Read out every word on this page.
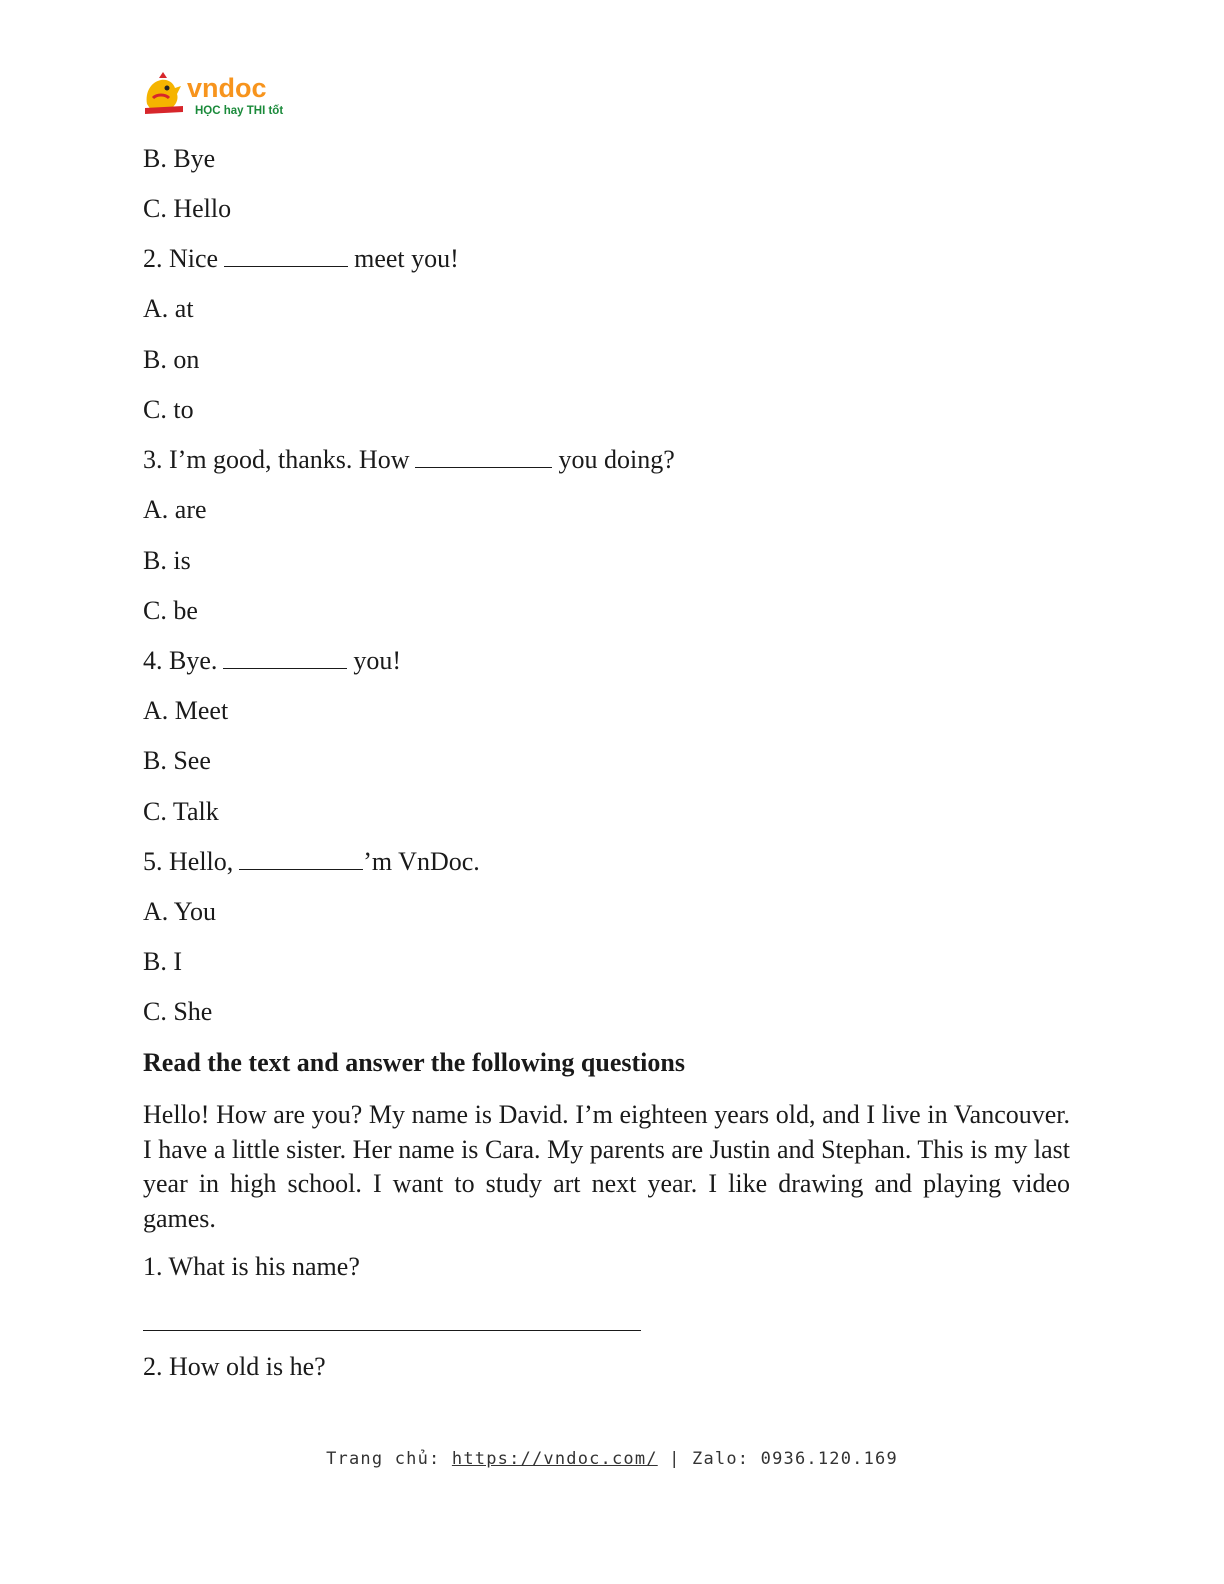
vndoc
HỌC hay THI tốt
B. Bye
C. Hello
2. Nice	meet you!
A. at
B. on
C. to
3. I’m good, thanks. How	you doing?
A. are
B. is
C. be
4. Bye.	you!
A. Meet
B. See
C. Talk
5. Hello,	’m VnDoc.
A. You
B. I
C. She
Read the text and answer the following questions
Hello! How are you? My name is David. I’m eighteen years old, and I live in Vancouver. I have a little sister. Her name is Cara. My parents are Justin and Stephan. This is my last year in high school. I want to study art next year. I like drawing and playing video games.
1. What is his name?
2. How old is he?
Trang chủ: https://vndoc.com/ | Zalo: 0936.120.169
